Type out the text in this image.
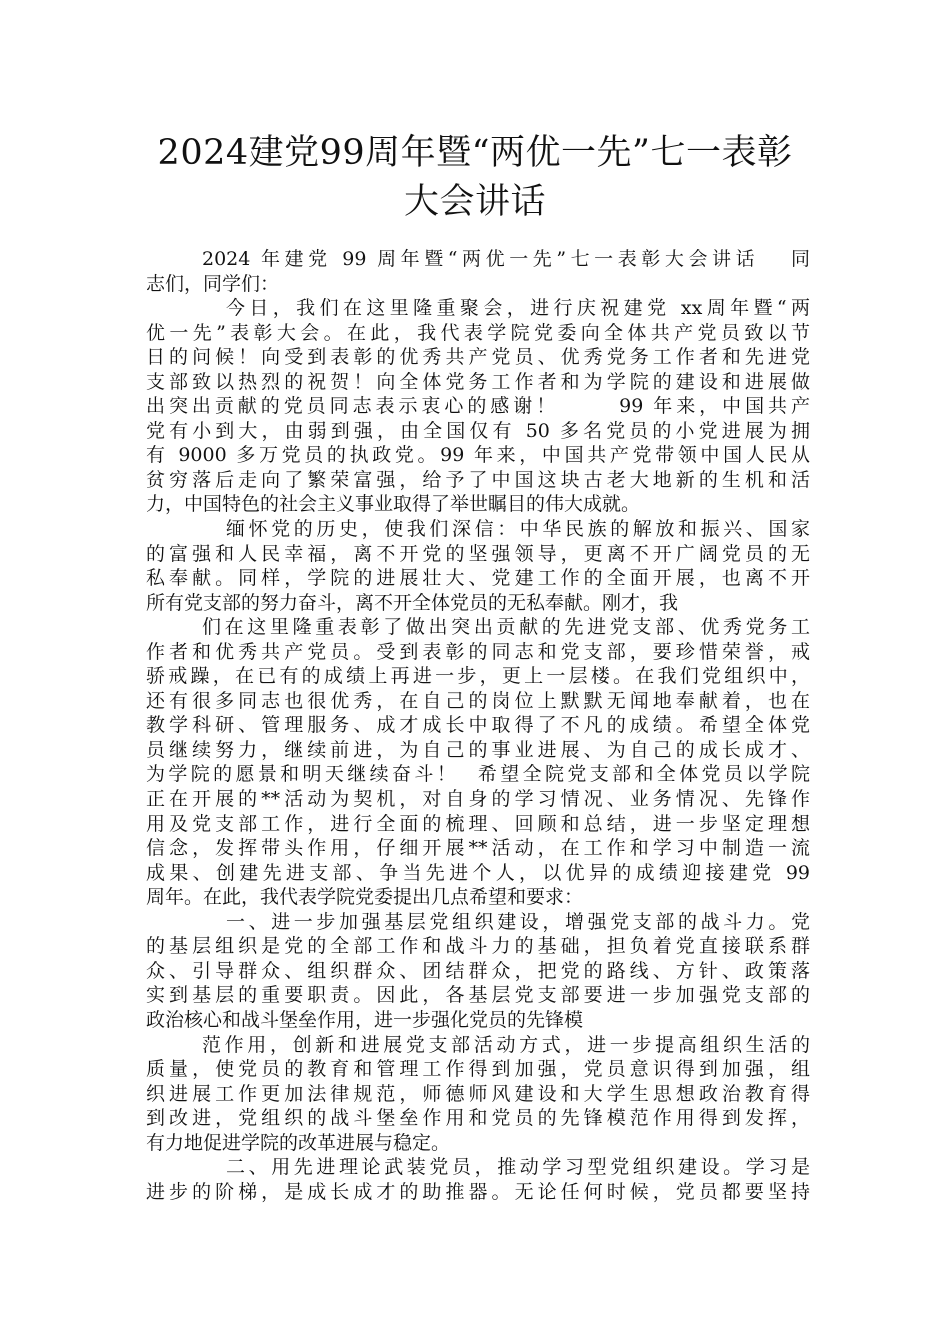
2024建党99周年暨“两优一先”七一表彰
大会讲话
2024 年建党 99 周年暨“两优一先”七一表彰大会讲话   同
志们，同学们：
今日，我们在这里隆重聚会，进行庆祝建党 xx周年暨“两
优一先”表彰大会。在此，我代表学院党委向全体共产党员致以节
日的问候！向受到表彰的优秀共产党员、优秀党务工作者和先进党
支部致以热烈的祝贺！向全体党务工作者和为学院的建设和进展做
出突出贡献的党员同志表示衷心的感谢！      99 年来，中国共产
党有小到大，由弱到强，由全国仅有 50 多名党员的小党进展为拥
有 9000 多万党员的执政党。99 年来，中国共产党带领中国人民从
贫穷落后走向了繁荣富强，给予了中国这块古老大地新的生机和活
力，中国特色的社会主义事业取得了举世瞩目的伟大成就。
缅怀党的历史，使我们深信：中华民族的解放和振兴、国家
的富强和人民幸福，离不开党的坚强领导，更离不开广阔党员的无
私奉献。同样，学院的进展壮大、党建工作的全面开展，也离不开
所有党支部的努力奋斗，离不开全体党员的无私奉献。刚才，我
们在这里隆重表彰了做出突出贡献的先进党支部、优秀党务工
作者和优秀共产党员。受到表彰的同志和党支部，要珍惜荣誉，戒
骄戒躁，在已有的成绩上再进一步，更上一层楼。在我们党组织中，
还有很多同志也很优秀，在自己的岗位上默默无闻地奉献着，也在
教学科研、管理服务、成才成长中取得了不凡的成绩。希望全体党
员继续努力，继续前进，为自己的事业进展、为自己的成长成才、
为学院的愿景和明天继续奋斗！  希望全院党支部和全体党员以学院
正在开展的**活动为契机，对自身的学习情况、业务情况、先锋作
用及党支部工作，进行全面的梳理、回顾和总结，进一步坚定理想
信念，发挥带头作用，仔细开展**活动，在工作和学习中制造一流
成果、创建先进支部、争当先进个人，以优异的成绩迎接建党 99
周年。在此，我代表学院党委提出几点希望和要求：
一、进一步加强基层党组织建设，增强党支部的战斗力。党
的基层组织是党的全部工作和战斗力的基础，担负着党直接联系群
众、引导群众、组织群众、团结群众，把党的路线、方针、政策落
实到基层的重要职责。因此，各基层党支部要进一步加强党支部的
政治核心和战斗堡垒作用，进一步强化党员的先锋模
范作用，创新和进展党支部活动方式，进一步提高组织生活的
质量，使党员的教育和管理工作得到加强，党员意识得到加强，组
织进展工作更加法律规范，师德师风建设和大学生思想政治教育得
到改进，党组织的战斗堡垒作用和党员的先锋模范作用得到发挥，
有力地促进学院的改革进展与稳定。
二、用先进理论武装党员，推动学习型党组织建设。学习是
进步的阶梯，是成长成才的助推器。无论任何时候，党员都要坚持
